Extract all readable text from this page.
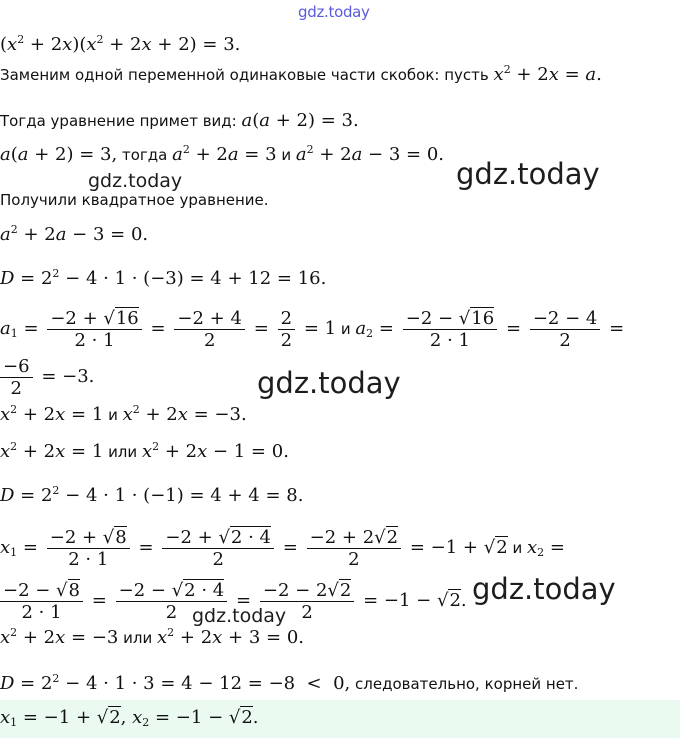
gdz.today
gdz.today
gdz.today
gdz.today
gdz.today
gdz.today
$(x^2 + 2x)(x^2 + 2x + 2) = 3$.
Заменим одной переменной одинаковые части скобок: пусть $x^2 + 2x = a$.
Тогда уравнение примет вид: a(a + 2) = 3.
a(a + 2) = 3, тогда $a^2 + 2a = 3$ и $a^2 + 2a - 3 = 0$.
Получили квадратное уравнение.
$a^2 + 2a - 3 = 0$.
$D = 2^2 - 4 \cdot 1 \cdot (-3) = 4 + 12 = 16$.
$a_1 = \frac{-2 + √16}{2 \cdot 1} = \frac{-2 + 4}{2} = \frac{2}{2} = 1$ и $a_2 = \frac{-2 - √16}{2 \cdot 1} = \frac{-2 - 4}{2}$ =
$\frac{-6}{2} = -3$.
$x^2 + 2x = 1$ и $x^2 + 2x = -3$.
$x^2 + 2x = 1$ или $x^2 + 2x - 1 = 0$.
$D = 2^2 - 4 \cdot 1 \cdot (-1) = 4 + 4 = 8$.
$x_1 = \frac{-2 + √8}{2 \cdot 1} = \frac{-2 + √2 \cdot 4}{2} = \frac{-2 + 2√2}{2} = -1 + √2$ и $x_2$ =
$\frac{-2 - √8}{2 \cdot 1} = \frac{-2 - √2 \cdot 4}{2} = \frac{-2 - 2√2}{2} = -1 - √2$.
$x^2 + 2x = -3$ или $x^2 + 2x + 3 = 0$.
$D = 2^2 - 4 \cdot 1 \cdot 3 = 4 - 12 = -8 < 0$, следовательно, корней нет.
$x_1 = -1 + √2$, $x_2 = -1 - √2$.
